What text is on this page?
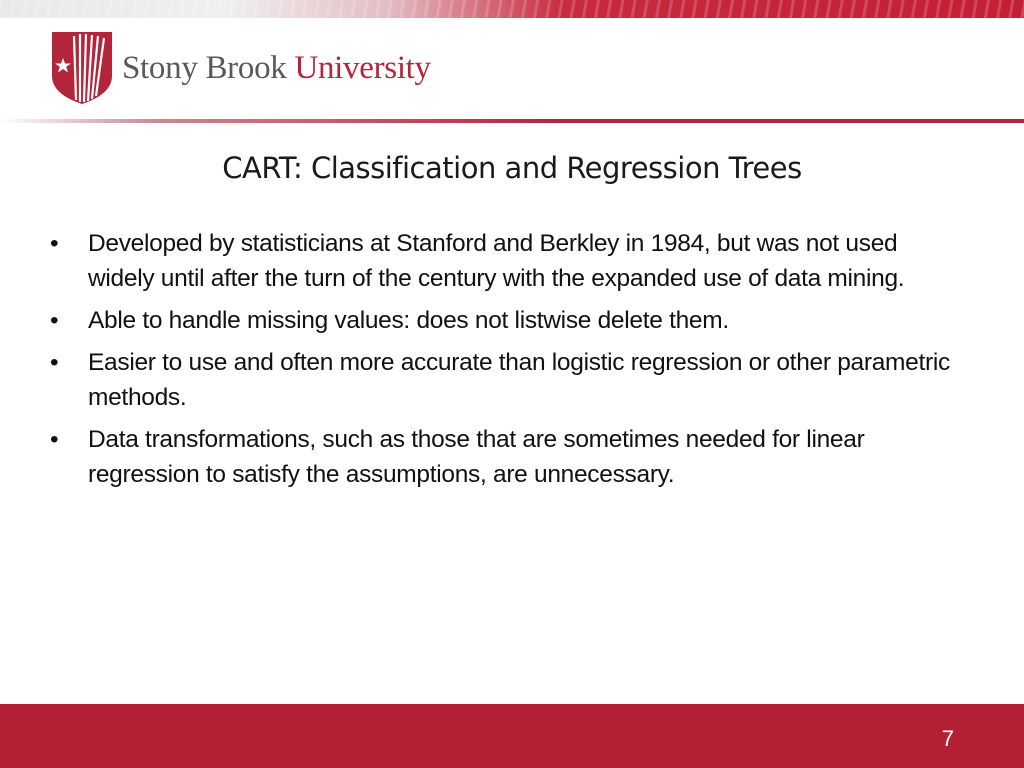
Stony Brook University
CART: Classification and Regression Trees
• Developed by statisticians at Stanford and Berkley in 1984, but was not used widely until after the turn of the century with the expanded use of data mining.
• Able to handle missing values: does not listwise delete them.
• Easier to use and often more accurate than logistic regression or other parametric methods.
• Data transformations, such as those that are sometimes needed for linear regression to satisfy the assumptions, are unnecessary.
7
